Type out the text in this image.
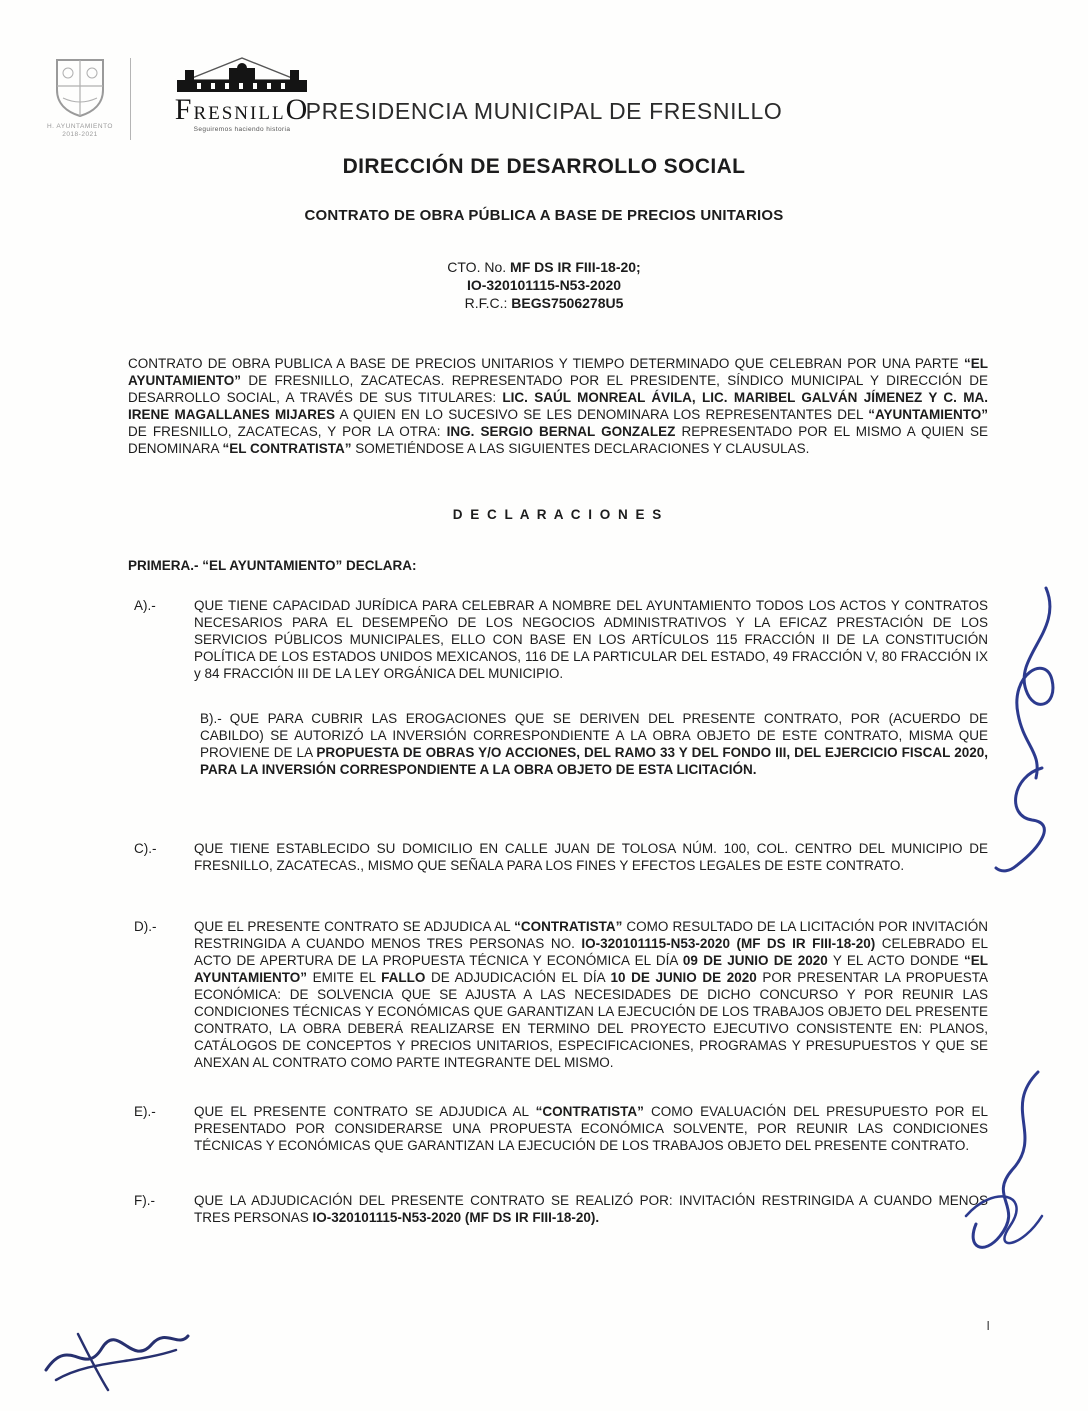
H. AYUNTAMIENTO
2018-2021
FRESNILLO
Seguiremos haciendo historia
PRESIDENCIA MUNICIPAL DE FRESNILLO
DIRECCIÓN DE DESARROLLO SOCIAL
CONTRATO DE OBRA PÚBLICA A BASE DE PRECIOS UNITARIOS
CTO. No. MF DS IR FIII-18-20;
IO-320101115-N53-2020
R.F.C.: BEGS7506278U5

CONTRATO DE OBRA PUBLICA A BASE DE PRECIOS UNITARIOS Y TIEMPO DETERMINADO QUE CELEBRAN POR UNA PARTE “EL AYUNTAMIENTO” DE FRESNILLO, ZACATECAS. REPRESENTADO POR EL PRESIDENTE, SÍNDICO MUNICIPAL Y DIRECCIÓN DE DESARROLLO SOCIAL, A TRAVÉS DE SUS TITULARES: LIC. SAÚL MONREAL ÁVILA, LIC. MARIBEL GALVÁN JÍMENEZ Y C. MA. IRENE MAGALLANES MIJARES A QUIEN EN LO SUCESIVO SE LES DENOMINARA LOS REPRESENTANTES DEL “AYUNTAMIENTO” DE FRESNILLO, ZACATECAS, Y POR LA OTRA: ING. SERGIO BERNAL GONZALEZ REPRESENTADO POR EL MISMO A QUIEN SE DENOMINARA “EL CONTRATISTA” SOMETIÉNDOSE A LAS SIGUIENTES DECLARACIONES Y CLAUSULAS.

D E C L A R A C I O N E S

PRIMERA.- “EL AYUNTAMIENTO” DECLARA:

A).-	QUE TIENE CAPACIDAD JURÍDICA PARA CELEBRAR A NOMBRE DEL AYUNTAMIENTO TODOS LOS ACTOS Y CONTRATOS NECESARIOS PARA EL DESEMPEÑO DE LOS NEGOCIOS ADMINISTRATIVOS Y LA EFICAZ PRESTACIÓN DE LOS SERVICIOS PÚBLICOS MUNICIPALES, ELLO CON BASE EN LOS ARTÍCULOS 115 FRACCIÓN II DE LA CONSTITUCIÓN POLÍTICA DE LOS ESTADOS UNIDOS MEXICANOS, 116 DE LA PARTICULAR DEL ESTADO, 49 FRACCIÓN V, 80 FRACCIÓN IX y 84 FRACCIÓN III DE LA LEY ORGÁNICA DEL MUNICIPIO.

B).- QUE PARA CUBRIR LAS EROGACIONES QUE SE DERIVEN DEL PRESENTE CONTRATO, POR (ACUERDO DE CABILDO) SE AUTORIZÓ LA INVERSIÓN CORRESPONDIENTE A LA OBRA OBJETO DE ESTE CONTRATO, MISMA QUE PROVIENE DE LA PROPUESTA DE OBRAS Y/O ACCIONES, DEL RAMO 33 Y DEL FONDO III, DEL EJERCICIO FISCAL 2020, PARA LA INVERSIÓN CORRESPONDIENTE A LA OBRA OBJETO DE ESTA LICITACIÓN.

C).-	QUE TIENE ESTABLECIDO SU DOMICILIO EN CALLE JUAN DE TOLOSA NÚM. 100, COL. CENTRO DEL MUNICIPIO DE FRESNILLO, ZACATECAS., MISMO QUE SEÑALA PARA LOS FINES Y EFECTOS LEGALES DE ESTE CONTRATO.

D).-	QUE EL PRESENTE CONTRATO SE ADJUDICA AL “CONTRATISTA” COMO RESULTADO DE LA LICITACIÓN POR INVITACIÓN RESTRINGIDA A CUANDO MENOS TRES PERSONAS NO. IO-320101115-N53-2020 (MF DS IR FIII-18-20) CELEBRADO EL ACTO DE APERTURA DE LA PROPUESTA TÉCNICA Y ECONÓMICA EL DÍA 09 DE JUNIO DE 2020 Y EL ACTO DONDE “EL AYUNTAMIENTO” EMITE EL FALLO DE ADJUDICACIÓN EL DÍA 10 DE JUNIO DE 2020 POR PRESENTAR LA PROPUESTA ECONÓMICA: DE SOLVENCIA QUE SE AJUSTA A LAS NECESIDADES DE DICHO CONCURSO Y POR REUNIR LAS CONDICIONES TÉCNICAS Y ECONÓMICAS QUE GARANTIZAN LA EJECUCIÓN DE LOS TRABAJOS OBJETO DEL PRESENTE CONTRATO, LA OBRA DEBERÁ REALIZARSE EN TERMINO DEL PROYECTO EJECUTIVO CONSISTENTE EN: PLANOS, CATÁLOGOS DE CONCEPTOS Y PRECIOS UNITARIOS, ESPECIFICACIONES, PROGRAMAS Y PRESUPUESTOS Y QUE SE ANEXAN AL CONTRATO COMO PARTE INTEGRANTE DEL MISMO.

E).-	QUE EL PRESENTE CONTRATO SE ADJUDICA AL “CONTRATISTA” COMO EVALUACIÓN DEL PRESUPUESTO POR EL PRESENTADO POR CONSIDERARSE UNA PROPUESTA ECONÓMICA SOLVENTE, POR REUNIR LAS CONDICIONES TÉCNICAS Y ECONÓMICAS QUE GARANTIZAN LA EJECUCIÓN DE LOS TRABAJOS OBJETO DEL PRESENTE CONTRATO.

F).-	QUE LA ADJUDICACIÓN DEL PRESENTE CONTRATO SE REALIZÓ POR: INVITACIÓN RESTRINGIDA A CUANDO MENOS TRES PERSONAS IO-320101115-N53-2020 (MF DS IR FIII-18-20).

I
